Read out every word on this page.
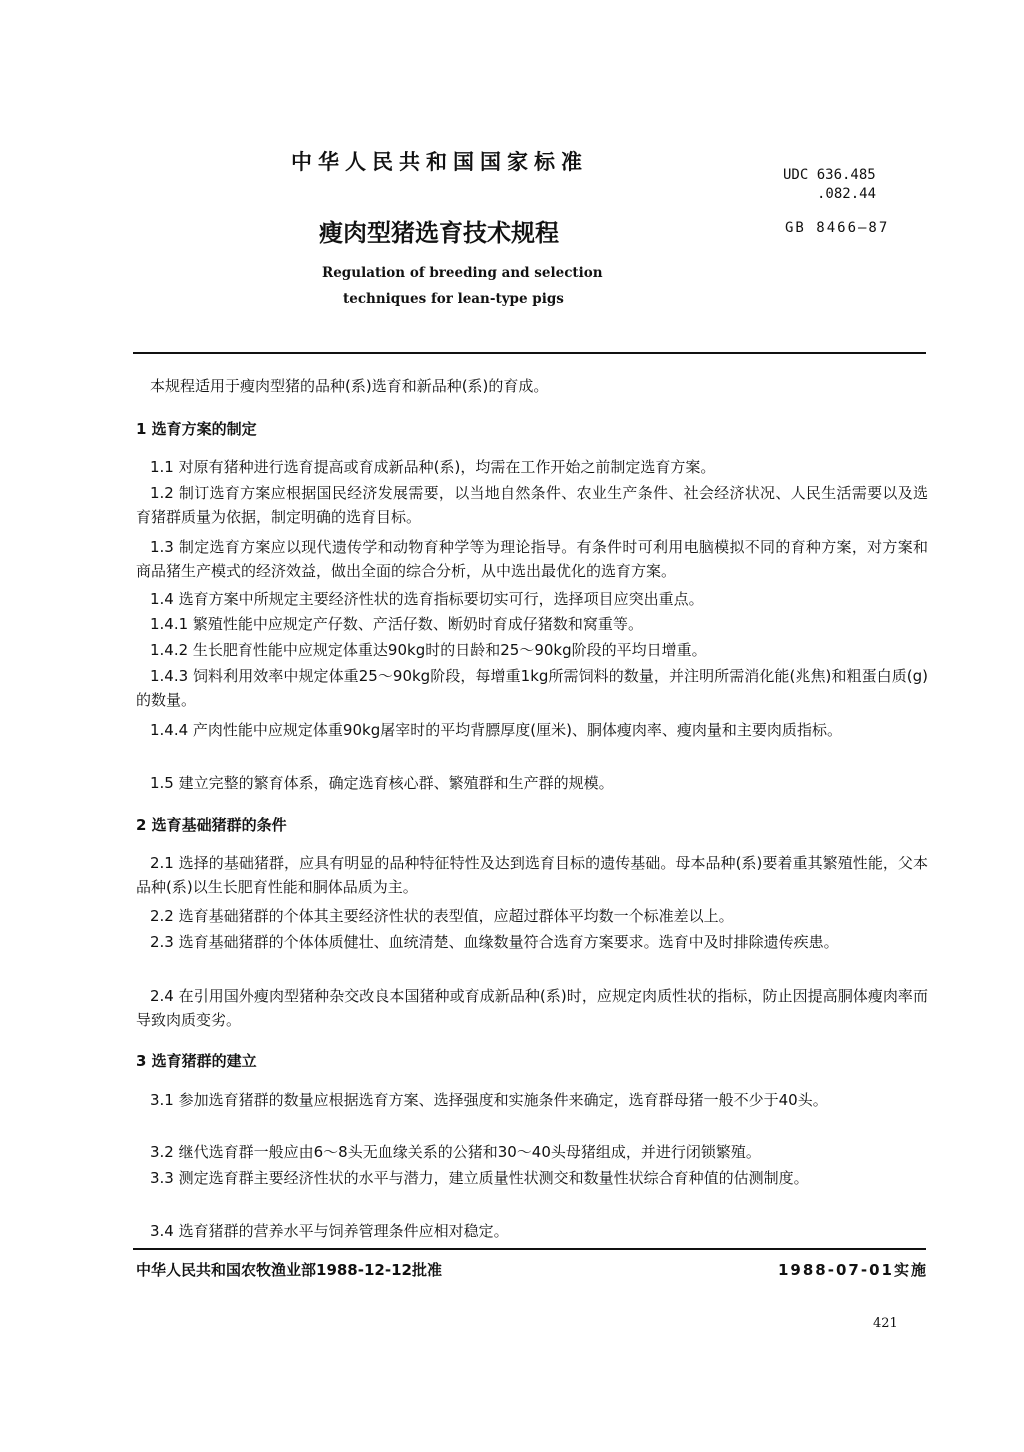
中华人民共和国国家标准
UDC 636.485
.082.44
瘦肉型猪选育技术规程	GB 8466—87
Regulation of breeding and selection
techniques for lean-type pigs
本规程适用于瘦肉型猪的品种(系)选育和新品种(系)的育成。
1 选育方案的制定
1.1 对原有猪种进行选育提高或育成新品种(系)，均需在工作开始之前制定选育方案。
1.2 制订选育方案应根据国民经济发展需要，以当地自然条件、农业生产条件、社会经济状况、人民生活需要以及选育猪群质量为依据，制定明确的选育目标。
1.3 制定选育方案应以现代遗传学和动物育种学等为理论指导。有条件时可利用电脑模拟不同的育种方案，对方案和商品猪生产模式的经济效益，做出全面的综合分析，从中选出最优化的选育方案。
1.4 选育方案中所规定主要经济性状的选育指标要切实可行，选择项目应突出重点。
1.4.1 繁殖性能中应规定产仔数、产活仔数、断奶时育成仔猪数和窝重等。
1.4.2 生长肥育性能中应规定体重达90kg时的日龄和25～90kg阶段的平均日增重。
1.4.3 饲料利用效率中规定体重25～90kg阶段，每增重1kg所需饲料的数量，并注明所需消化能(兆焦)和粗蛋白质(g)的数量。
1.4.4 产肉性能中应规定体重90kg屠宰时的平均背膘厚度(厘米)、胴体瘦肉率、瘦肉量和主要肉质指标。
1.5 建立完整的繁育体系，确定选育核心群、繁殖群和生产群的规模。
2 选育基础猪群的条件
2.1 选择的基础猪群，应具有明显的品种特征特性及达到选育目标的遗传基础。母本品种(系)要着重其繁殖性能，父本品种(系)以生长肥育性能和胴体品质为主。
2.2 选育基础猪群的个体其主要经济性状的表型值，应超过群体平均数一个标准差以上。
2.3 选育基础猪群的个体体质健壮、血统清楚、血缘数量符合选育方案要求。选育中及时排除遗传疾患。
2.4 在引用国外瘦肉型猪种杂交改良本国猪种或育成新品种(系)时，应规定肉质性状的指标，防止因提高胴体瘦肉率而导致肉质变劣。
3 选育猪群的建立
3.1 参加选育猪群的数量应根据选育方案、选择强度和实施条件来确定，选育群母猪一般不少于40头。
3.2 继代选育群一般应由6～8头无血缘关系的公猪和30～40头母猪组成，并进行闭锁繁殖。
3.3 测定选育群主要经济性状的水平与潜力，建立质量性状测交和数量性状综合育种值的估测制度。
3.4 选育猪群的营养水平与饲养管理条件应相对稳定。
中华人民共和国农牧渔业部1988-12-12批准	1988-07-01实施
421
